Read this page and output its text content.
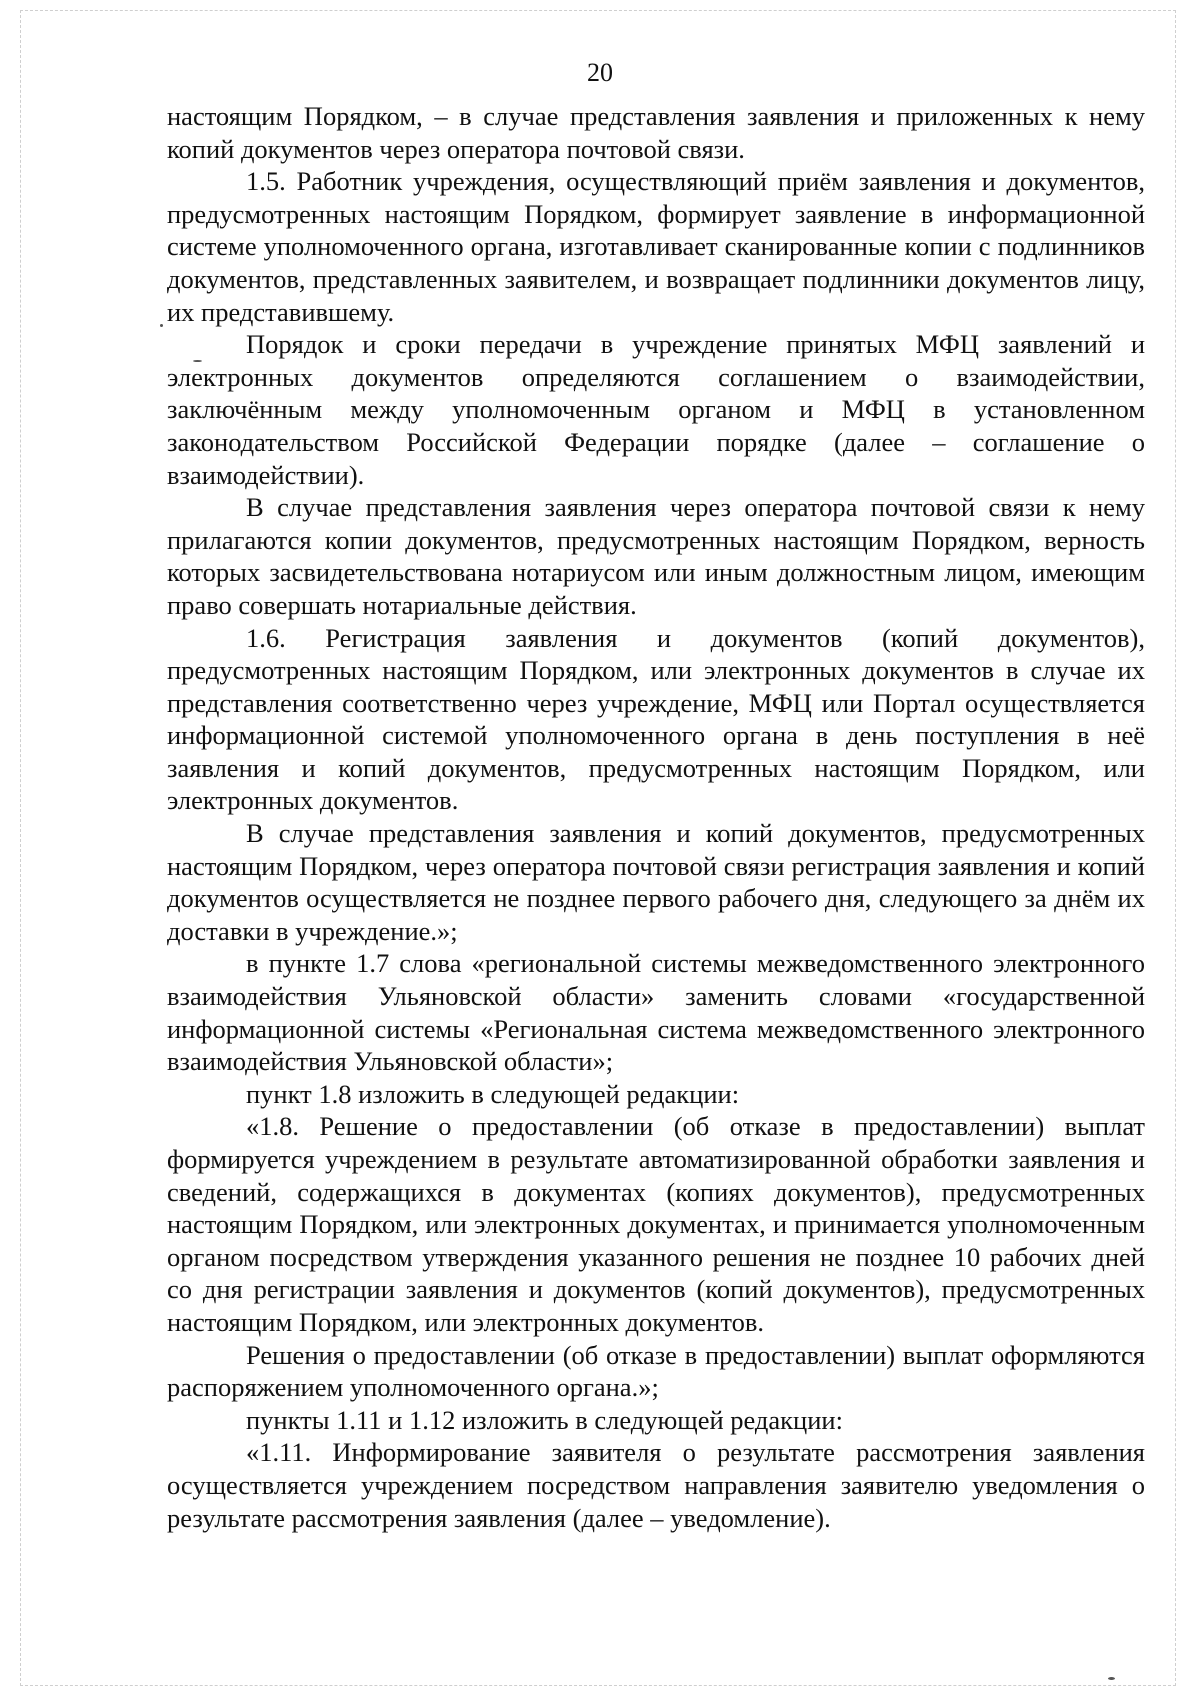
20

настоящим Порядком, – в случае представления заявления и приложенных к нему копий документов через оператора почтовой связи.

1.5. Работник учреждения, осуществляющий приём заявления и документов, предусмотренных настоящим Порядком, формирует заявление в информационной системе уполномоченного органа, изготавливает сканированные копии с подлинников документов, представленных заявителем, и возвращает подлинники документов лицу, их представившему.

Порядок и сроки передачи в учреждение принятых МФЦ заявлений и электронных документов определяются соглашением о взаимодействии, заключённым между уполномоченным органом и МФЦ в установленном законодательством Российской Федерации порядке (далее – соглашение о взаимодействии).

В случае представления заявления через оператора почтовой связи к нему прилагаются копии документов, предусмотренных настоящим Порядком, верность которых засвидетельствована нотариусом или иным должностным лицом, имеющим право совершать нотариальные действия.

1.6. Регистрация заявления и документов (копий документов), предусмотренных настоящим Порядком, или электронных документов в случае их представления соответственно через учреждение, МФЦ или Портал осуществляется информационной системой уполномоченного органа в день поступления в неё заявления и копий документов, предусмотренных настоящим Порядком, или электронных документов.

В случае представления заявления и копий документов, предусмотренных настоящим Порядком, через оператора почтовой связи регистрация заявления и копий документов осуществляется не позднее первого рабочего дня, следующего за днём их доставки в учреждение.»;

в пункте 1.7 слова «региональной системы межведомственного электронного взаимодействия Ульяновской области» заменить словами «государственной информационной системы «Региональная система межведомственного электронного взаимодействия Ульяновской области»;

пункт 1.8 изложить в следующей редакции:

«1.8. Решение о предоставлении (об отказе в предоставлении) выплат формируется учреждением в результате автоматизированной обработки заявления и сведений, содержащихся в документах (копиях документов), предусмотренных настоящим Порядком, или электронных документах, и принимается уполномоченным органом посредством утверждения указанного решения не позднее 10 рабочих дней со дня регистрации заявления и документов (копий документов), предусмотренных настоящим Порядком, или электронных документов.

Решения о предоставлении (об отказе в предоставлении) выплат оформляются распоряжением уполномоченного органа.»;

пункты 1.11 и 1.12 изложить в следующей редакции:

«1.11. Информирование заявителя о результате рассмотрения заявления осуществляется учреждением посредством направления заявителю уведомления о результате рассмотрения заявления (далее – уведомление).
